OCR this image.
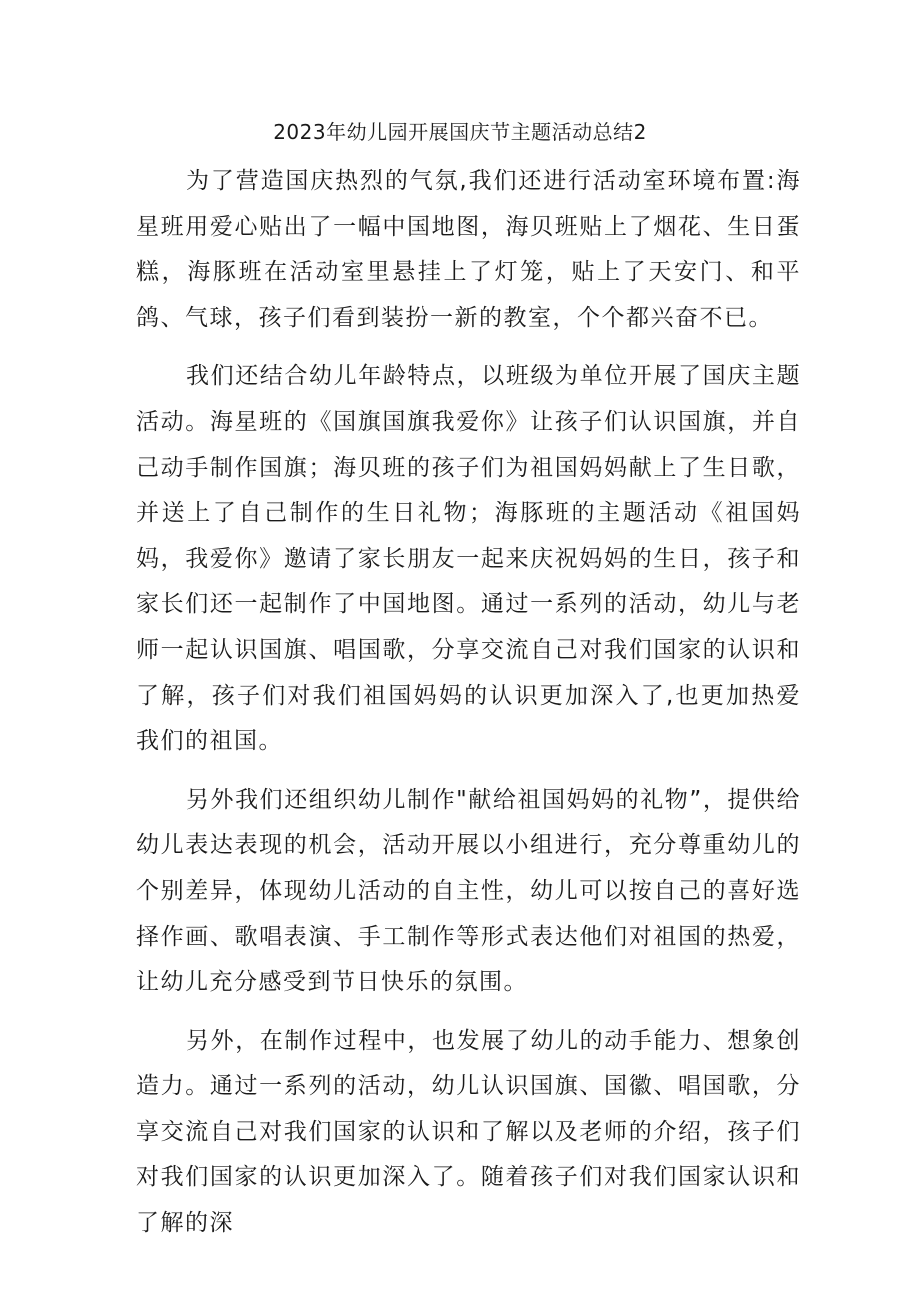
2023年幼儿园开展国庆节主题活动总结2

为了营造国庆热烈的气氛,我们还进行活动室环境布置:海星班用爱心贴出了一幅中国地图，海贝班贴上了烟花、生日蛋糕，海豚班在活动室里悬挂上了灯笼，贴上了天安门、和平鸽、气球，孩子们看到装扮一新的教室，个个都兴奋不已。

我们还结合幼儿年龄特点，以班级为单位开展了国庆主题活动。海星班的《国旗国旗我爱你》让孩子们认识国旗，并自己动手制作国旗；海贝班的孩子们为祖国妈妈献上了生日歌，并送上了自己制作的生日礼物；海豚班的主题活动《祖国妈妈，我爱你》邀请了家长朋友一起来庆祝妈妈的生日，孩子和家长们还一起制作了中国地图。通过一系列的活动，幼儿与老师一起认识国旗、唱国歌，分享交流自己对我们国家的认识和了解，孩子们对我们祖国妈妈的认识更加深入了,也更加热爱我们的祖国。

另外我们还组织幼儿制作"献给祖国妈妈的礼物”，提供给幼儿表达表现的机会，活动开展以小组进行，充分尊重幼儿的个别差异，体现幼儿活动的自主性，幼儿可以按自己的喜好选择作画、歌唱表演、手工制作等形式表达他们对祖国的热爱，让幼儿充分感受到节日快乐的氛围。

另外，在制作过程中，也发展了幼儿的动手能力、想象创造力。通过一系列的活动，幼儿认识国旗、国徽、唱国歌，分享交流自己对我们国家的认识和了解以及老师的介绍，孩子们对我们国家的认识更加深入了。随着孩子们对我们国家认识和了解的深
